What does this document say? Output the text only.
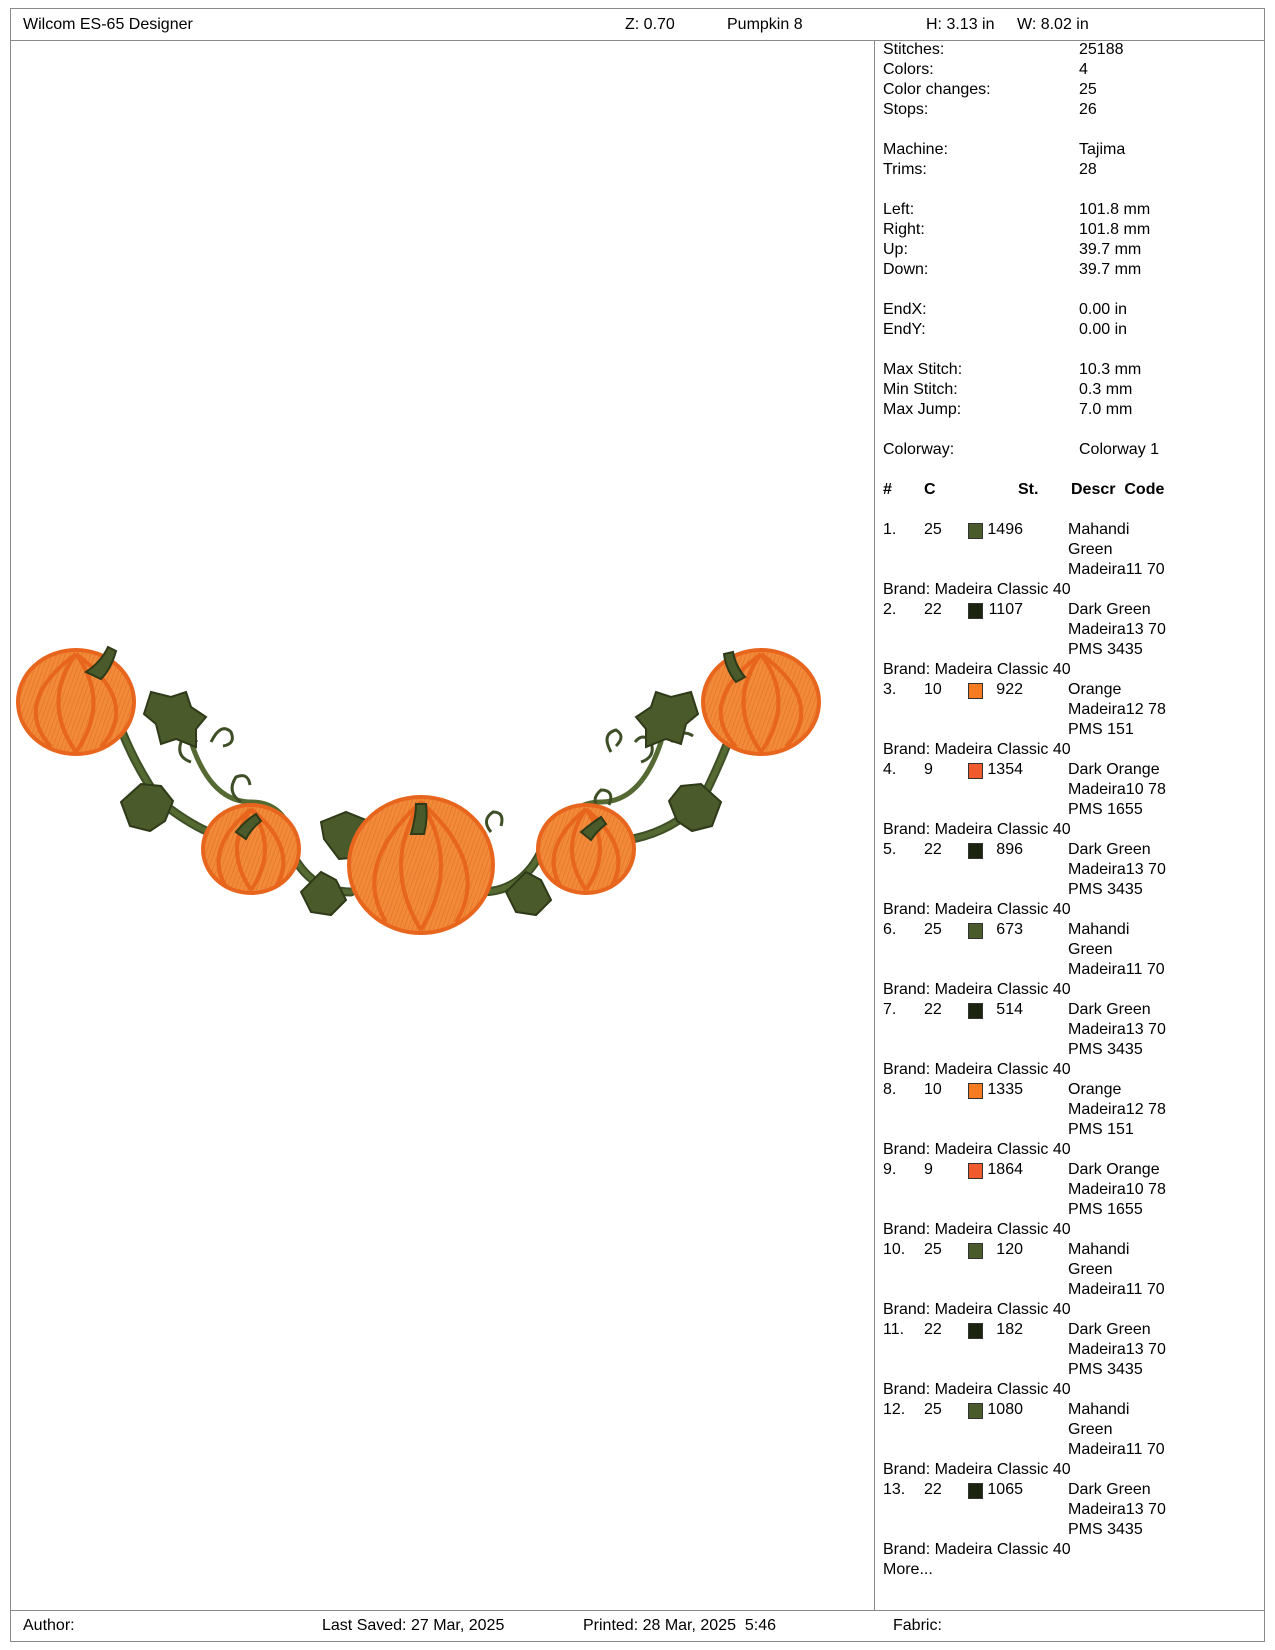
Wilcom ES-65 Designer	Z: 0.70	Pumpkin 8	H: 3.13 in W: 8.02 in
Stitches:	25188
Colors:	4
Color changes:	25
Stops:	26
Machine:	Tajima
Trims:	28
Left:	101.8 mm
Right:	101.8 mm
Up:	39.7 mm
Down:	39.7 mm
EndX:	0.00 in
EndY:	0.00 in
Max Stitch:	10.3 mm
Min Stitch:	0.3 mm
Max Jump:	7.0 mm
Colorway:	Colorway 1
# C	St. Descr  Code
1. 25	1496	Mahandi
Green
Madeira11 70
Brand: Madeira Classic 40
2. 22	1107	Dark Green
Madeira13 70
PMS 3435
Brand: Madeira Classic 40
3. 10	922	Orange
Madeira12 78
PMS 151
Brand: Madeira Classic 40
4. 9	1354	Dark Orange
Madeira10 78
PMS 1655
Brand: Madeira Classic 40
5. 22	896	Dark Green
Madeira13 70
PMS 3435
Brand: Madeira Classic 40
6. 25	673	Mahandi
Green
Madeira11 70
Brand: Madeira Classic 40
7. 22	514	Dark Green
Madeira13 70
PMS 3435
Brand: Madeira Classic 40
8. 10	1335	Orange
Madeira12 78
PMS 151
Brand: Madeira Classic 40
9. 9	1864	Dark Orange
Madeira10 78
PMS 1655
Brand: Madeira Classic 40
10. 25	120	Mahandi
Green
Madeira11 70
Brand: Madeira Classic 40
11. 22	182	Dark Green
Madeira13 70
PMS 3435
Brand: Madeira Classic 40
12. 25	1080	Mahandi
Green
Madeira11 70
Brand: Madeira Classic 40
13. 22	1065	Dark Green
Madeira13 70
PMS 3435
Brand: Madeira Classic 40
More...
Author:	Last Saved: 27 Mar, 2025	Printed: 28 Mar, 2025  5:46	Fabric:
